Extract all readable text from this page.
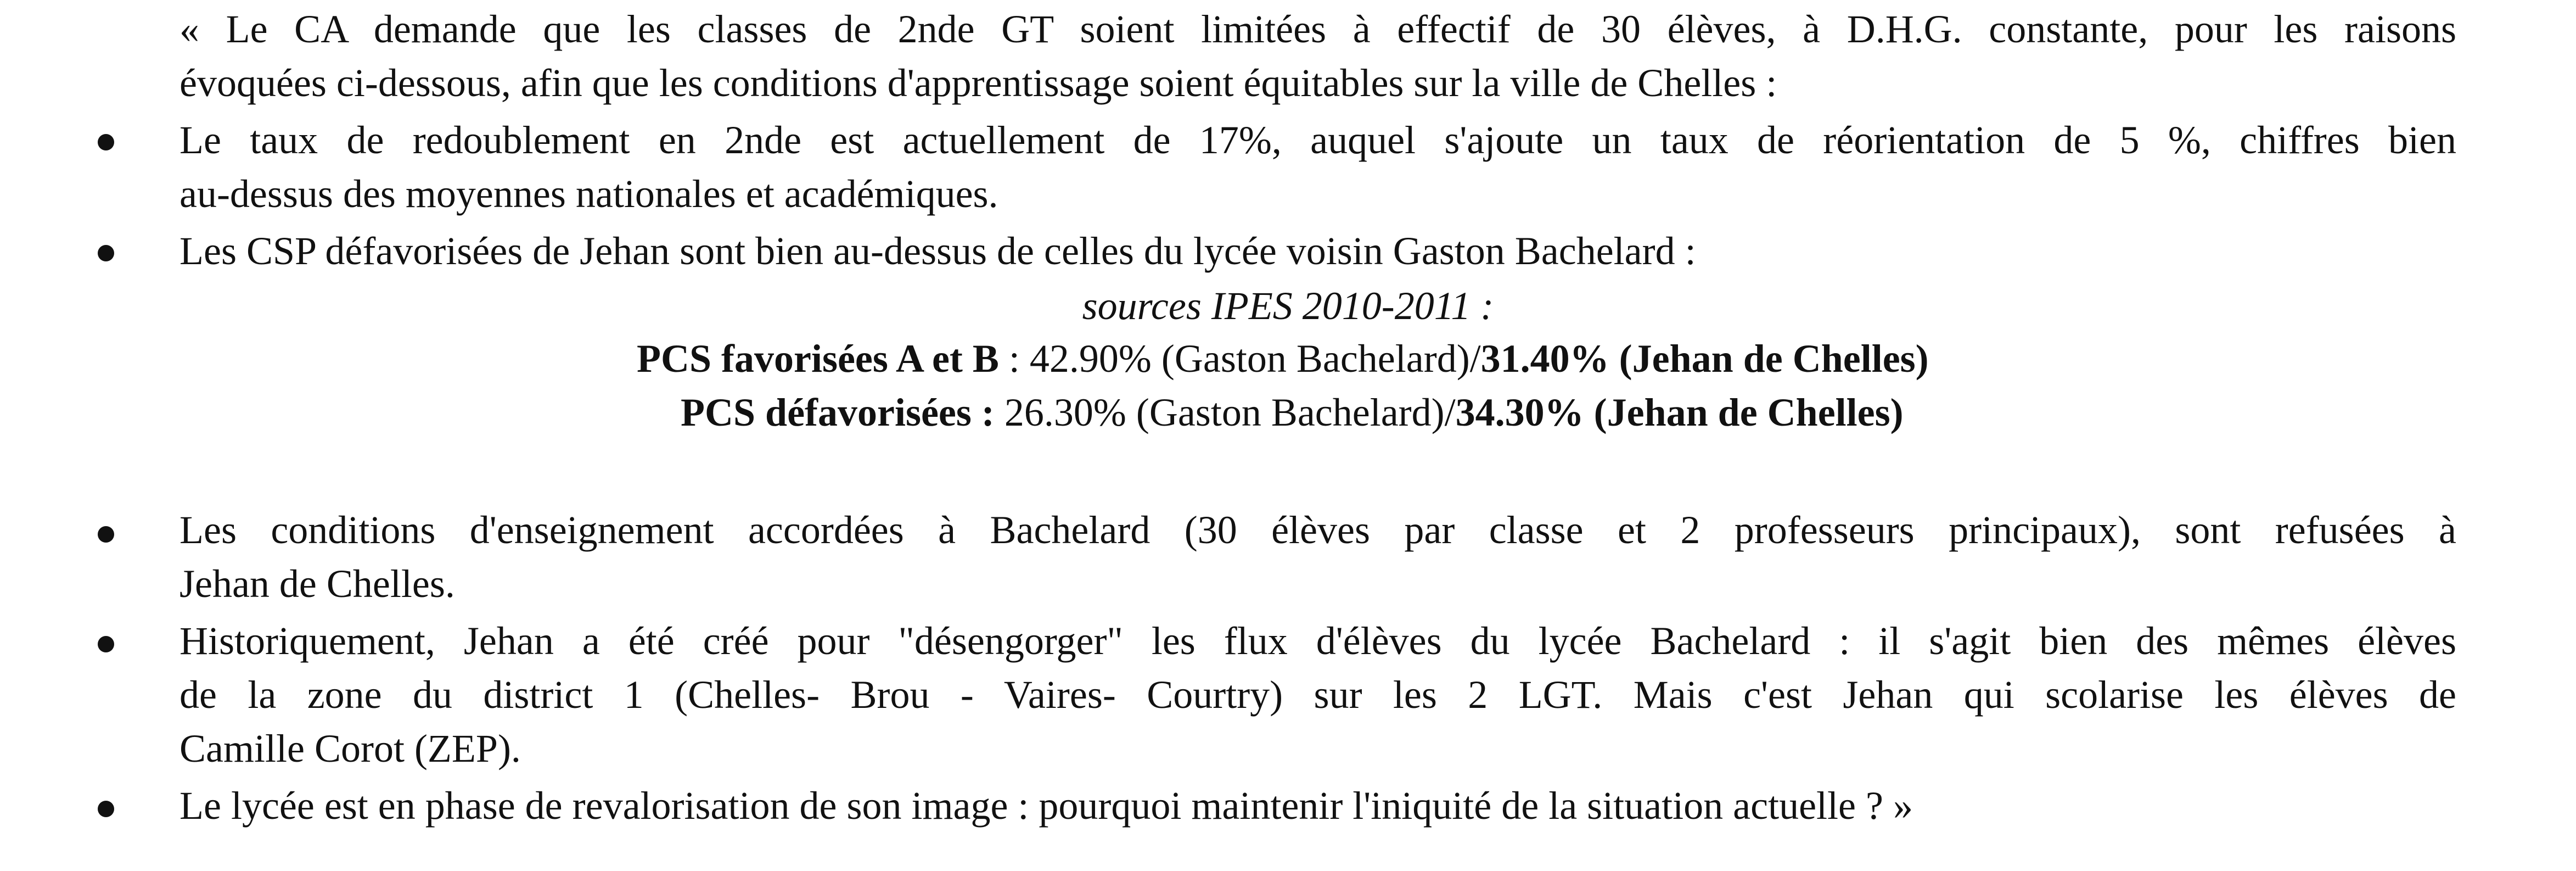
« Le CA demande que les classes de 2nde GT soient limitées à effectif de 30 élèves, à D.H.G. constante, pour les raisons
évoquées ci-dessous, afin que les conditions d'apprentissage soient équitables sur la ville de Chelles :
Le taux de redoublement en 2nde est actuellement de 17%, auquel s'ajoute un taux de réorientation de 5 %, chiffres bien
au-dessus des moyennes nationales et académiques.
Les CSP défavorisées de Jehan sont bien au-dessus de celles du lycée voisin Gaston Bachelard :
sources IPES 2010-2011 :
PCS favorisées A et B : 42.90% (Gaston Bachelard)/31.40% (Jehan de Chelles)
PCS défavorisées : 26.30% (Gaston Bachelard)/34.30% (Jehan de Chelles)
Les conditions d'enseignement accordées à Bachelard (30 élèves par classe et 2 professeurs principaux), sont refusées à
Jehan de Chelles.
Historiquement, Jehan a été créé pour "désengorger" les flux d'élèves du lycée Bachelard : il s'agit bien des mêmes élèves
de la zone du district 1 (Chelles- Brou - Vaires- Courtry) sur les 2 LGT. Mais c'est Jehan qui scolarise les élèves de
Camille Corot (ZEP).
Le lycée est en phase de revalorisation de son image : pourquoi maintenir l'iniquité de la situation actuelle ? »
